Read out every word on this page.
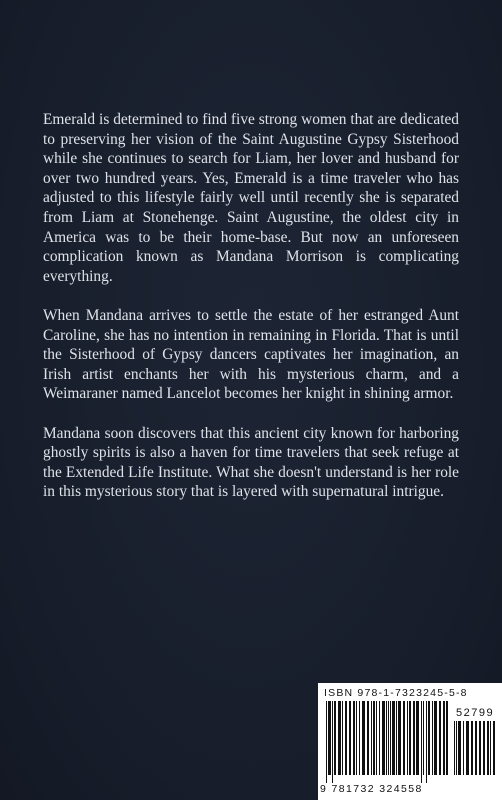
Emerald is determined to find five strong women that are dedicated to preserving her vision of the Saint Augustine Gypsy Sisterhood while she continues to search for Liam, her lover and husband for over two hundred years. Yes, Emerald is a time traveler who has adjusted to this lifestyle fairly well until recently she is separated from Liam at Stonehenge. Saint Augustine, the oldest city in America was to be their home-base. But now an unforeseen complication known as Mandana Morrison is complicating everything.

When Mandana arrives to settle the estate of her estranged Aunt Caroline, she has no intention in remaining in Florida. That is until the Sisterhood of Gypsy dancers captivates her imagination, an Irish artist enchants her with his mysterious charm, and a Weimaraner named Lancelot becomes her knight in shining armor.

Mandana soon discovers that this ancient city known for harboring ghostly spirits is also a haven for time travelers that seek refuge at the Extended Life Institute. What she doesn't understand is her role in this mysterious story that is layered with supernatural intrigue.

ISBN 978-1-7323245-5-8
52799
9 781732 324558
